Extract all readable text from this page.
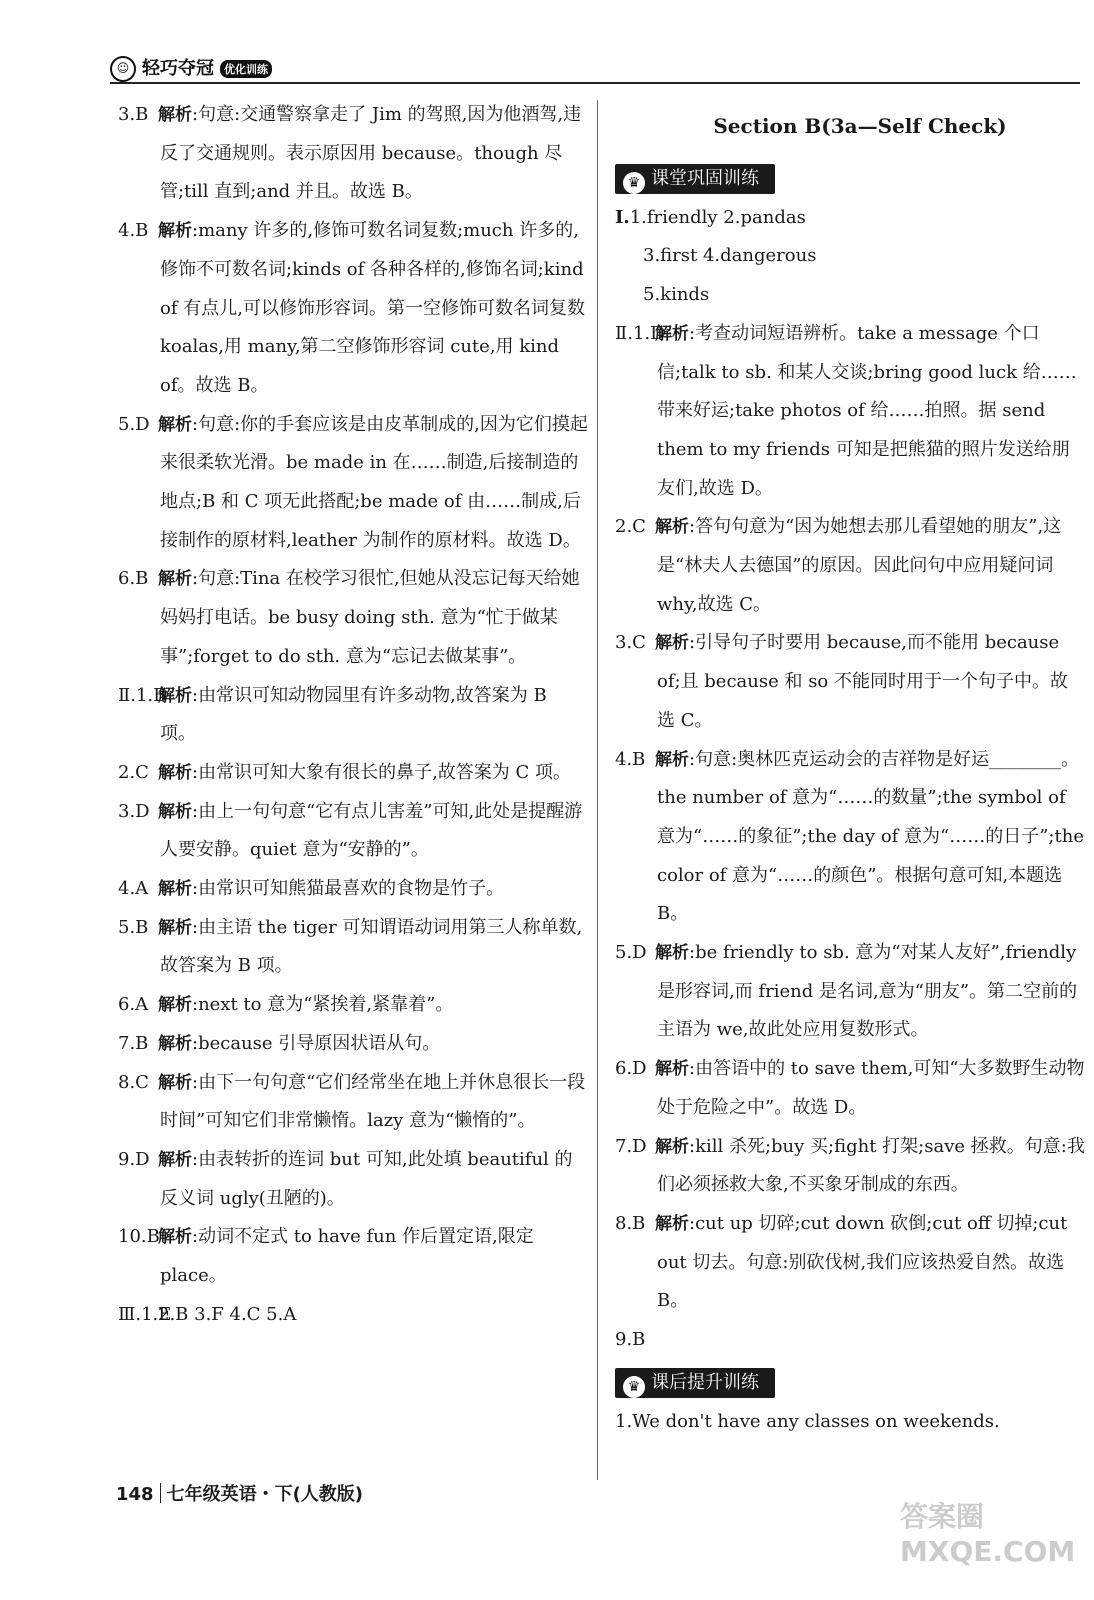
☺ 轻巧夺冠 优化训练
3.B 解析:句意:交通警察拿走了 Jim 的驾照,因为他酒驾,违反了交通规则。表示原因用 because。though 尽管;till 直到;and 并且。故选 B。
4.B 解析:many 许多的,修饰可数名词复数;much 许多的,修饰不可数名词;kinds of 各种各样的,修饰名词;kind of 有点儿,可以修饰形容词。第一空修饰可数名词复数 koalas,用 many,第二空修饰形容词 cute,用 kind of。故选 B。
5.D 解析:句意:你的手套应该是由皮革制成的,因为它们摸起来很柔软光滑。be made in 在……制造,后接制造的地点;B 和 C 项无此搭配;be made of 由……制成,后接制作的原材料,leather 为制作的原材料。故选 D。
6.B 解析:句意:Tina 在校学习很忙,但她从没忘记每天给她妈妈打电话。be busy doing sth. 意为“忙于做某事”;forget to do sth. 意为“忘记去做某事”。
Ⅱ.1.B解析:由常识可知动物园里有许多动物,故答案为 B 项。
2.C 解析:由常识可知大象有很长的鼻子,故答案为 C 项。
3.D 解析:由上一句句意“它有点儿害羞”可知,此处是提醒游人要安静。quiet 意为“安静的”。
4.A 解析:由常识可知熊猫最喜欢的食物是竹子。
5.B 解析:由主语 the tiger 可知谓语动词用第三人称单数,故答案为 B 项。
6.A 解析:next to 意为“紧挨着,紧靠着”。
7.B 解析:because 引导原因状语从句。
8.C 解析:由下一句句意“它们经常坐在地上并休息很长一段时间”可知它们非常懒惰。lazy 意为“懒惰的”。
9.D 解析:由表转折的连词 but 可知,此处填 beautiful 的反义词 ugly(丑陋的)。
10.B解析:动词不定式 to have fun 作后置定语,限定 place。
Ⅲ.1.E2.B 3.F 4.C 5.A
Section B(3a—Self Check)
♛ 课堂巩固训练
Ⅰ.1.friendly 2.pandas
3.first 4.dangerous
5.kinds
Ⅱ.1.D解析:考查动词短语辨析。take a message 个口信;talk to sb. 和某人交谈;bring good luck 给……带来好运;take photos of 给……拍照。据 send them to my friends 可知是把熊猫的照片发送给朋友们,故选 D。
2.C 解析:答句句意为“因为她想去那儿看望她的朋友”,这是“林夫人去德国”的原因。因此问句中应用疑问词 why,故选 C。
3.C 解析:引导句子时要用 because,而不能用 because of;且 because 和 so 不能同时用于一个句子中。故选 C。
4.B 解析:句意:奥林匹克运动会的吉祥物是好运________。the number of 意为“……的数量”;the symbol of 意为“……的象征”;the day of 意为“……的日子”;the color of 意为“……的颜色”。根据句意可知,本题选 B。
5.D 解析:be friendly to sb. 意为“对某人友好”,friendly 是形容词,而 friend 是名词,意为“朋友”。第二空前的主语为 we,故此处应用复数形式。
6.D 解析:由答语中的 to save them,可知“大多数野生动物处于危险之中”。故选 D。
7.D 解析:kill 杀死;buy 买;fight 打架;save 拯救。句意:我们必须拯救大象,不买象牙制成的东西。
8.B 解析:cut up 切碎;cut down 砍倒;cut off 切掉;cut out 切去。句意:别砍伐树,我们应该热爱自然。故选 B。
9.B
♛ 课后提升训练
1.We don't have any classes on weekends.
148 七年级英语・下(人教版)
答案圈 MXQE.COM
